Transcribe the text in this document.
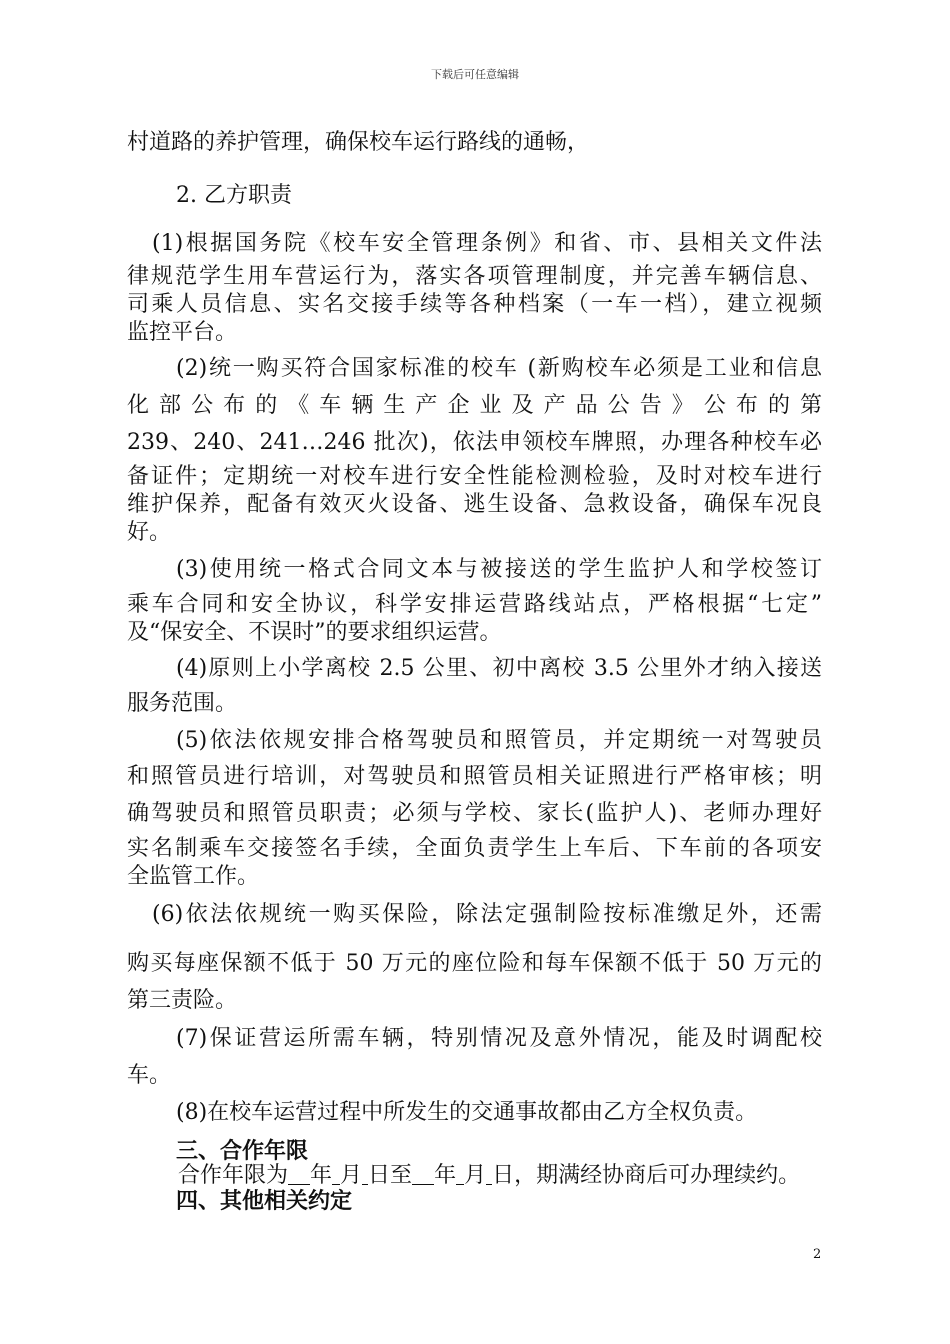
下载后可任意编辑
村道路的养护管理，确保校车运行路线的通畅，
2. 乙方职责
(1)根据国务院《校车安全管理条例》和省、市、县相关文件法
律规范学生用车营运行为，落实各项管理制度，并完善车辆信息、
司乘人员信息、实名交接手续等各种档案（一车一档），建立视频
监控平台。
(2)统一购买符合国家标准的校车 (新购校车必须是工业和信息
化部公布的《车辆生产企业及产品公告》公布的第
239、240、241…246 批次)，依法申领校车牌照，办理各种校车必
备证件；定期统一对校车进行安全性能检测检验，及时对校车进行
维护保养，配备有效灭火设备、逃生设备、急救设备，确保车况良
好。
(3)使用统一格式合同文本与被接送的学生监护人和学校签订
乘车合同和安全协议，科学安排运营路线站点，严格根据“七定”
及“保安全、不误时”的要求组织运营。
(4)原则上小学离校 2.5 公里、初中离校 3.5 公里外才纳入接送
服务范围。
(5)依法依规安排合格驾驶员和照管员，并定期统一对驾驶员
和照管员进行培训，对驾驶员和照管员相关证照进行严格审核；明
确驾驶员和照管员职责；必须与学校、家长(监护人)、老师办理好
实名制乘车交接签名手续，全面负责学生上车后、下车前的各项安
全监管工作。
(6)依法依规统一购买保险，除法定强制险按标准缴足外，还需
购买每座保额不低于 50 万元的座位险和每车保额不低于 50 万元的
第三责险。
(7)保证营运所需车辆，特别情况及意外情况，能及时调配校
车。
(8)在校车运营过程中所发生的交通事故都由乙方全权负责。
三、合作年限
合作年限为 年 月 日至 年 月 日，期满经协商后可办理续约。
四、其他相关约定
2
